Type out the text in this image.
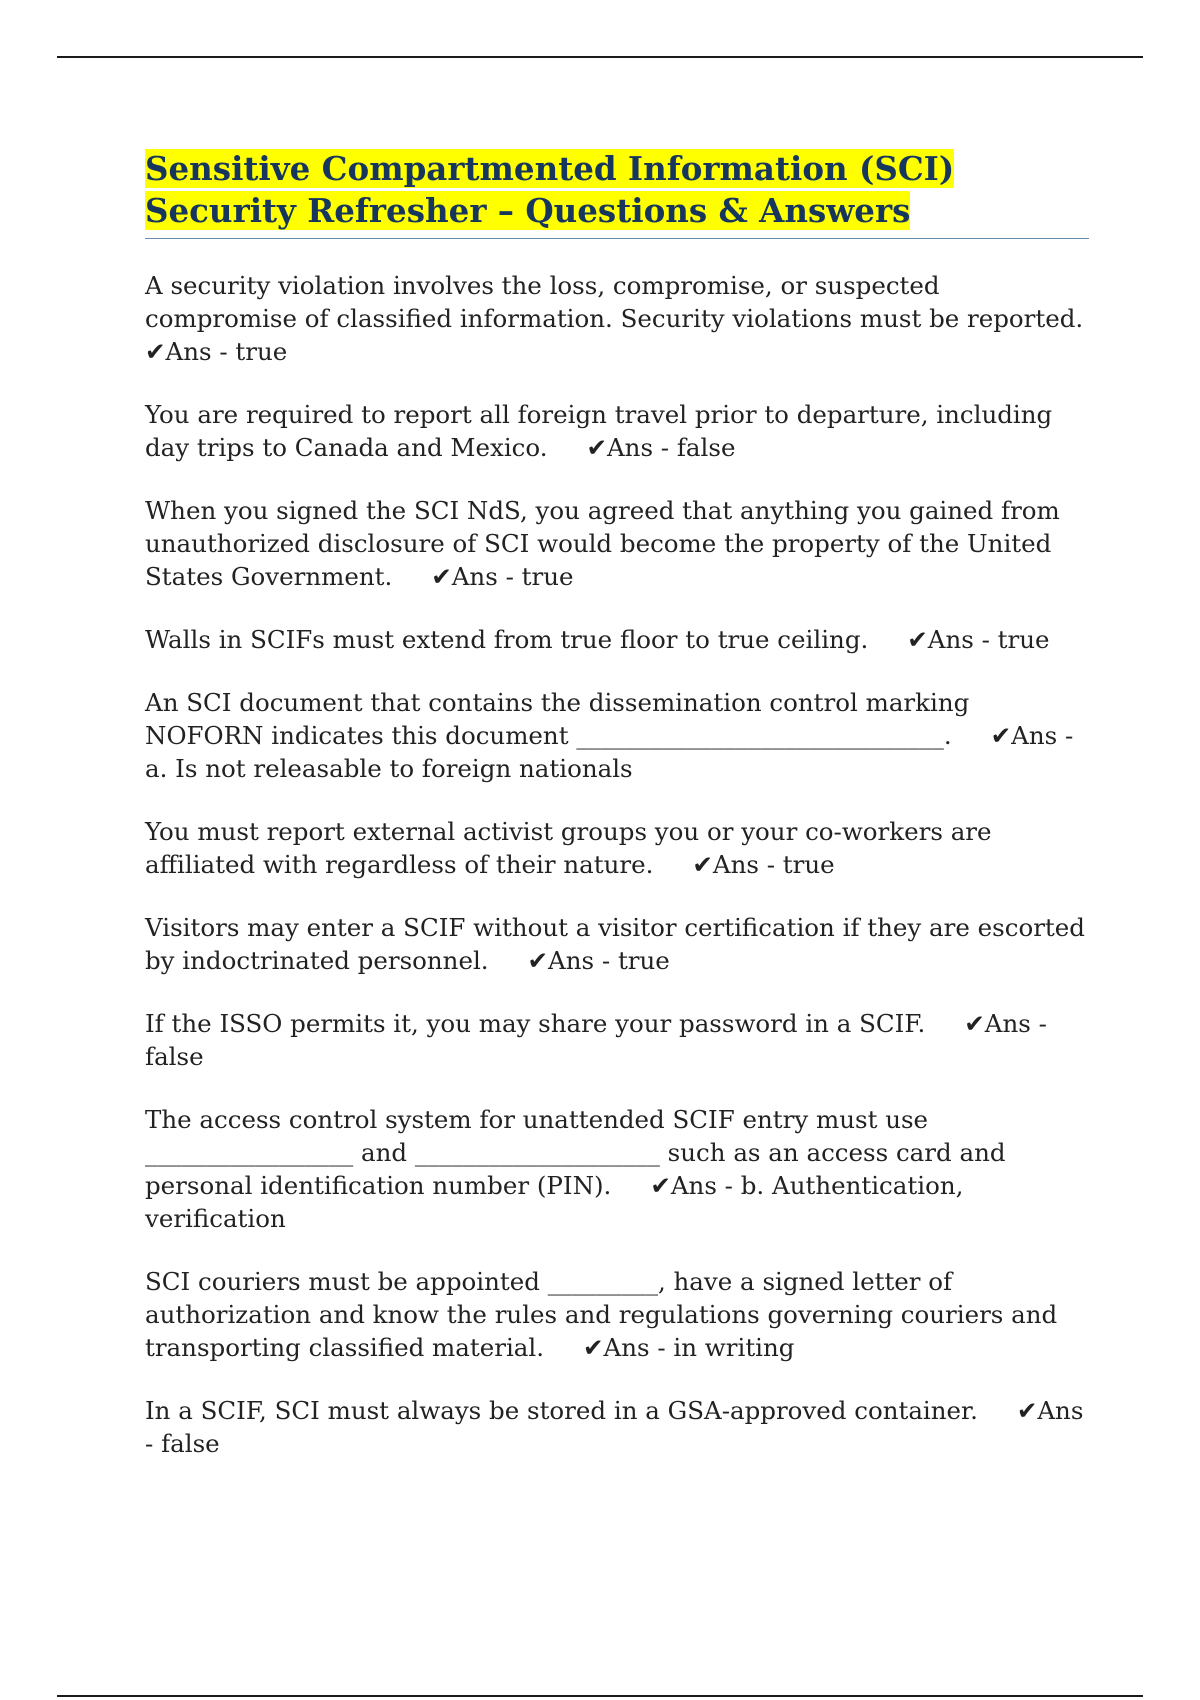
Sensitive Compartmented Information (SCI) Security Refresher – Questions & Answers
A security violation involves the loss, compromise, or suspected compromise of classified information. Security violations must be reported.     ✔Ans - true
You are required to report all foreign travel prior to departure, including day trips to Canada and Mexico. ✔Ans - false
When you signed the SCI NdS, you agreed that anything you gained from unauthorized disclosure of SCI would become the property of the United States Government. ✔Ans - true
Walls in SCIFs must extend from true floor to true ceiling. ✔Ans - true
An SCI document that contains the dissemination control marking NOFORN indicates this document ______________________________. ✔Ans - a. Is not releasable to foreign nationals
You must report external activist groups you or your co-workers are affiliated with regardless of their nature. ✔Ans - true
Visitors may enter a SCIF without a visitor certification if they are escorted by indoctrinated personnel. ✔Ans - true
If the ISSO permits it, you may share your password in a SCIF. ✔Ans - false
The access control system for unattended SCIF entry must use _________________ and ____________________ such as an access card and personal identification number (PIN). ✔Ans - b. Authentication, verification
SCI couriers must be appointed _________, have a signed letter of authorization and know the rules and regulations governing couriers and transporting classified material. ✔Ans - in writing
In a SCIF, SCI must always be stored in a GSA-approved container. ✔Ans - false
